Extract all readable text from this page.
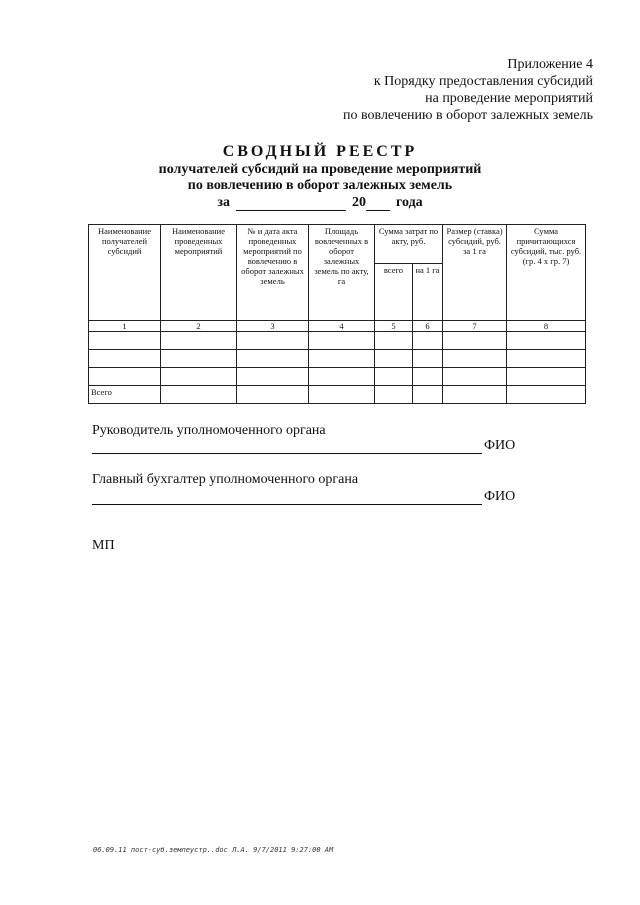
Приложение 4
к Порядку предоставления субсидий
на проведение мероприятий
по вовлечению в оборот залежных земель
СВОДНЫЙ РЕЕСТР
получателей субсидий на проведение мероприятий
по вовлечению в оборот залежных земель
за	20 года
Наименование получателей субсидий	Наименование проведенных мероприятий	№ и дата акта проведенных мероприятий по вовлечению в оборот залежных земель	Площадь вовлеченных в оборот залежных земель по акту, га	Сумма затрат по акту, руб.		Размер (ставка) субсидий, руб. за 1 га	Сумма причитающихся субсидий, тыс. руб. (гр. 4 х гр. 7)
				всего	на 1 га		
1	2	3	4	5	6	7	8

Всего							
Руководитель уполномоченного органа
ФИО
Главный бухгалтер уполномоченного органа
ФИО
МП
06.09.11 пост-суб.землеустр..doc Л.А. 9/7/2011 9:27:00 AM
